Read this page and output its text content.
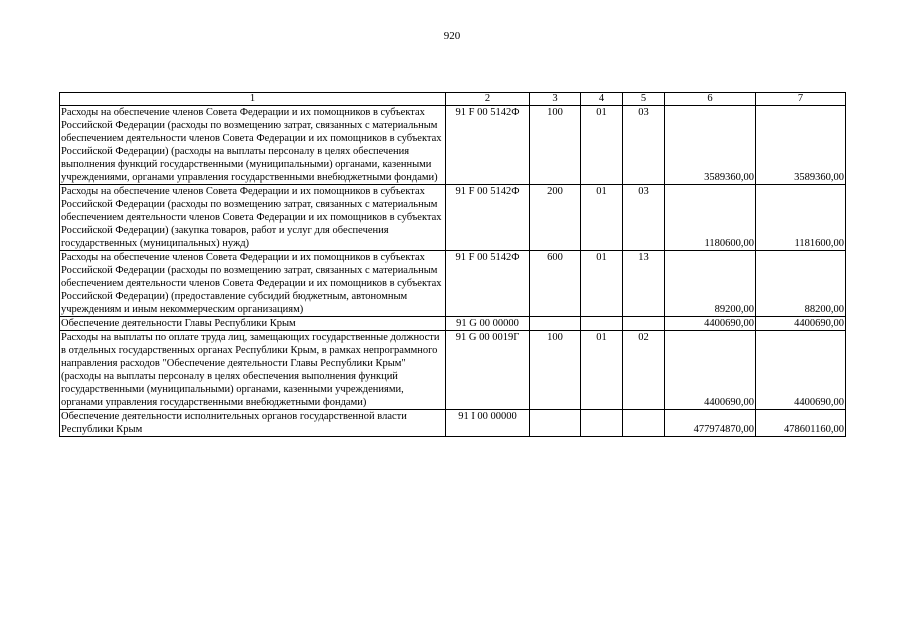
920
1	2	3	4	5	6	7
Расходы на обеспечение членов Совета Федерации и их помощников в субъектах Российской Федерации (расходы по возмещению затрат, связанных с материальным обеспечением деятельности членов Совета Федерации и их помощников в субъектах Российской Федерации) (расходы на выплаты персоналу в целях обеспечения выполнения функций государственными (муниципальными) органами, казенными учреждениями, органами управления государственными внебюджетными фондами)	91 F 00 5142Ф	100	01	03	3589360,00	3589360,00
Расходы на обеспечение членов Совета Федерации и их помощников в субъектах Российской Федерации (расходы по возмещению затрат, связанных с материальным обеспечением деятельности членов Совета Федерации и их помощников в субъектах Российской Федерации) (закупка товаров, работ и услуг для обеспечения государственных (муниципальных) нужд)	91 F 00 5142Ф	200	01	03	1180600,00	1181600,00
Расходы на обеспечение членов Совета Федерации и их помощников в субъектах Российской Федерации (расходы по возмещению затрат, связанных с материальным обеспечением деятельности членов Совета Федерации и их помощников в субъектах Российской Федерации) (предоставление субсидий бюджетным, автономным учреждениям и иным некоммерческим организациям)	91 F 00 5142Ф	600	01	13	89200,00	88200,00
Обеспечение деятельности Главы Республики Крым	91 G 00 00000				4400690,00	4400690,00
Расходы на выплаты по оплате труда лиц, замещающих государственные должности в отдельных государственных органах Республики Крым, в рамках непрограммного направления расходов "Обеспечение деятельности Главы Республики Крым" (расходы на выплаты персоналу в целях обеспечения выполнения функций государственными (муниципальными) органами, казенными учреждениями, органами управления государственными внебюджетными фондами)	91 G 00 0019Г	100	01	02	4400690,00	4400690,00
Обеспечение деятельности исполнительных органов государственной власти Республики Крым	91 I 00 00000				477974870,00	478601160,00
